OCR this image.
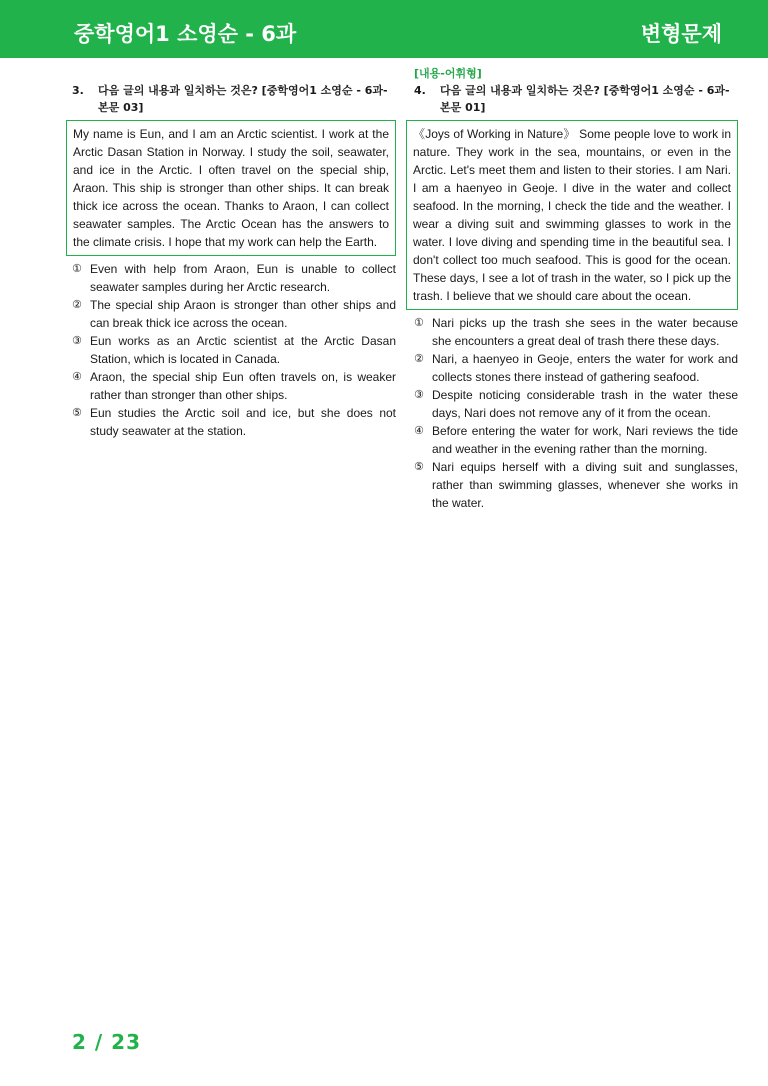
중학영어1 소영순 - 6과	변형문제
3.	다음 글의 내용과 일치하는 것은? [중학영어1 소영순 - 6과-본문 03]

My name is Eun, and I am an Arctic scientist. I work at the Arctic Dasan Station in Norway. I study the soil, seawater, and ice in the Arctic. I often travel on the special ship, Araon. This ship is stronger than other ships. It can break thick ice across the ocean. Thanks to Araon, I can collect seawater samples. The Arctic Ocean has the answers to the climate crisis. I hope that my work can help the Earth.

① Even with help from Araon, Eun is unable to collect seawater samples during her Arctic research.
② The special ship Araon is stronger than other ships and can break thick ice across the ocean.
③ Eun works as an Arctic scientist at the Arctic Dasan Station, which is located in Canada.
④ Araon, the special ship Eun often travels on, is weaker rather than stronger than other ships.
⑤ Eun studies the Arctic soil and ice, but she does not study seawater at the station.
[내용-어휘형]
4.	다음 글의 내용과 일치하는 것은? [중학영어1 소영순 - 6과-본문 01]

《Joys of Working in Nature》 Some people love to work in nature. They work in the sea, mountains, or even in the Arctic. Let's meet them and listen to their stories. I am Nari. I am a haenyeo in Geoje. I dive in the water and collect seafood. In the morning, I check the tide and the weather. I wear a diving suit and swimming glasses to work in the water. I love diving and spending time in the beautiful sea. I don't collect too much seafood. This is good for the ocean. These days, I see a lot of trash in the water, so I pick up the trash. I believe that we should care about the ocean.

① Nari picks up the trash she sees in the water because she encounters a great deal of trash there these days.
② Nari, a haenyeo in Geoje, enters the water for work and collects stones there instead of gathering seafood.
③ Despite noticing considerable trash in the water these days, Nari does not remove any of it from the ocean.
④ Before entering the water for work, Nari reviews the tide and weather in the evening rather than the morning.
⑤ Nari equips herself with a diving suit and sunglasses, rather than swimming glasses, whenever she works in the water.
2 / 23
